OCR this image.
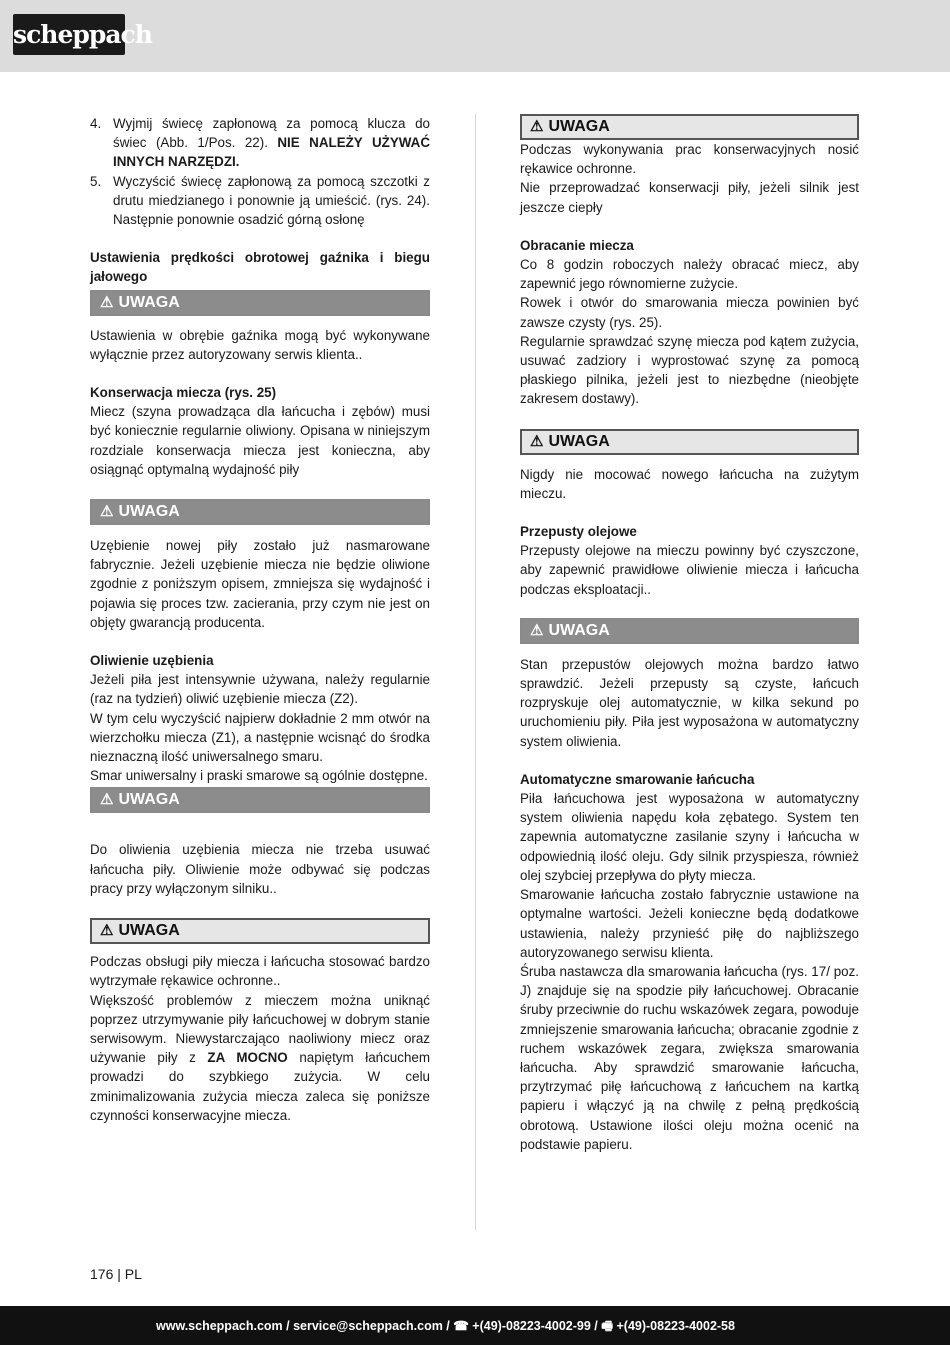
scheppach
4. Wyjmij świecę zapłonową za pomocą klucza do świec (Abb. 1/Pos. 22). NIE NALEŻY UŻYWAĆ INNYCH NARZĘDZI.
5. Wyczyścić świecę zapłonową za pomocą szczotki z drutu miedzianego i ponownie ją umieścić. (rys. 24). Następnie ponownie osadzić górną osłonę

Ustawienia prędkości obrotowej gaźnika i biegu jałowego

⚠ UWAGA

Ustawienia w obrębie gaźnika mogą być wykonywane wyłącznie przez autoryzowany serwis klienta..

Konserwacja miecza (rys. 25)

Miecz (szyna prowadząca dla łańcucha i zębów) musi być koniecznie regularnie oliwiony. Opisana w niniejszym rozdziale konserwacja miecza jest konieczna, aby osiągnąć optymalną wydajność piły

⚠ UWAGA

Uzębienie nowej piły zostało już nasmarowane fabrycznie. Jeżeli uzębienie miecza nie będzie oliwione zgodnie z poniższym opisem, zmniejsza się wydajność i pojawia się proces tzw. zacierania, przy czym nie jest on objęty gwarancją producenta.

Oliwienie uzębienia

Jeżeli piła jest intensywnie używana, należy regularnie (raz na tydzień) oliwić uzębienie miecza (Z2).

W tym celu wyczyścić najpierw dokładnie 2 mm otwór na wierzchołku miecza (Z1), a następnie wcisnąć do środka nieznaczną ilość uniwersalnego smaru.

Smar uniwersalny i praski smarowe są ogólnie dostępne.

⚠ UWAGA

Do oliwienia uzębienia miecza nie trzeba usuwać łańcucha piły. Oliwienie może odbywać się podczas pracy przy wyłączonym silniku..

⚠ UWAGA

Podczas obsługi piły miecza i łańcucha stosować bardzo wytrzymałe rękawice ochronne..

Większość problemów z mieczem można uniknąć poprzez utrzymywanie piły łańcuchowej w dobrym stanie serwisowym. Niewystarczająco naoliwiony miecz oraz używanie piły z ZA MOCNO napiętym łańcuchem prowadzi do szybkiego zużycia. W celu zminimalizowania zużycia miecza zaleca się poniższe czynności konserwacyjne miecza.

⚠ UWAGA

Podczas wykonywania prac konserwacyjnych nosić rękawice ochronne.

Nie przeprowadzać konserwacji piły, jeżeli silnik jest jeszcze ciepły

Obracanie miecza

Co 8 godzin roboczych należy obracać miecz, aby zapewnić jego równomierne zużycie.

Rowek i otwór do smarowania miecza powinien być zawsze czysty (rys. 25).

Regularnie sprawdzać szynę miecza pod kątem zużycia, usuwać zadziory i wyprostować szynę za pomocą płaskiego pilnika, jeżeli jest to niezbędne (nieobjęte zakresem dostawy).

⚠ UWAGA

Nigdy nie mocować nowego łańcucha na zużytym mieczu.

Przepusty olejowe

Przepusty olejowe na mieczu powinny być czyszczone, aby zapewnić prawidłowe oliwienie miecza i łańcucha podczas eksploatacji..

⚠ UWAGA

Stan przepustów olejowych można bardzo łatwo sprawdzić. Jeżeli przepusty są czyste, łańcuch rozpryskuje olej automatycznie, w kilka sekund po uruchomieniu piły. Piła jest wyposażona w automatyczny system oliwienia.

Automatyczne smarowanie łańcucha

Piła łańcuchowa jest wyposażona w automatyczny system oliwienia napędu koła zębatego. System ten zapewnia automatyczne zasilanie szyny i łańcucha w odpowiednią ilość oleju. Gdy silnik przyspiesza, również olej szybciej przepływa do płyty miecza.

Smarowanie łańcucha zostało fabrycznie ustawione na optymalne wartości. Jeżeli konieczne będą dodatkowe ustawienia, należy przynieść piłę do najbliższego autoryzowanego serwisu klienta.

Śruba nastawcza dla smarowania łańcucha (rys. 17/ poz. J) znajduje się na spodzie piły łańcuchowej. Obracanie śruby przeciwnie do ruchu wskazówek zegara, powoduje zmniejszenie smarowania łańcucha; obracanie zgodnie z ruchem wskazówek zegara, zwiększa smarowania łańcucha. Aby sprawdzić smarowanie łańcucha, przytrzymać piłę łańcuchową z łańcuchem na kartką papieru i włączyć ją na chwilę z pełną prędkością obrotową. Ustawione ilości oleju można ocenić na podstawie papieru.

176 | PL
www.scheppach.com / service@scheppach.com / ☎ +(49)-08223-4002-99 / 🖷 +(49)-08223-4002-58
